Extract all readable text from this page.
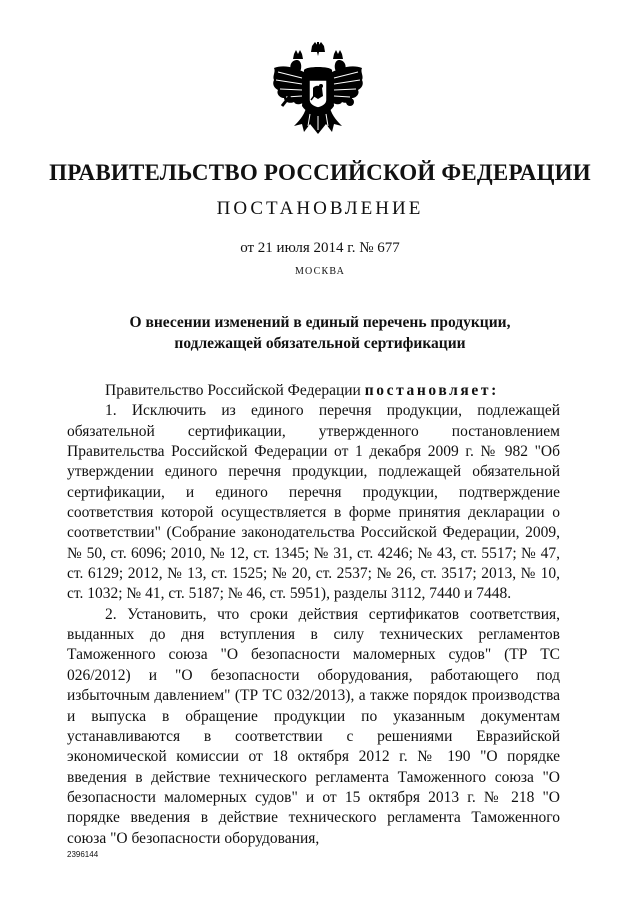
ПРАВИТЕЛЬСТВО РОССИЙСКОЙ ФЕДЕРАЦИИ
ПОСТАНОВЛЕНИЕ
от 21 июля 2014 г. № 677
МОСКВА
О внесении изменений в единый перечень продукции,
подлежащей обязательной сертификации

Правительство Российской Федерации постановляет:

1. Исключить из единого перечня продукции, подлежащей обязательной сертификации, утвержденного постановлением Правительства Российской Федерации от 1 декабря 2009 г. № 982 "Об утверждении единого перечня продукции, подлежащей обязательной сертификации, и единого перечня продукции, подтверждение соответствия которой осуществляется в форме принятия декларации о соответствии" (Собрание законодательства Российской Федерации, 2009, № 50, ст. 6096; 2010, № 12, ст. 1345; № 31, ст. 4246; № 43, ст. 5517; № 47, ст. 6129; 2012, № 13, ст. 1525; № 20, ст. 2537; № 26, ст. 3517; 2013, № 10, ст. 1032; № 41, ст. 5187; № 46, ст. 5951), разделы 3112, 7440 и 7448.

2. Установить, что сроки действия сертификатов соответствия, выданных до дня вступления в силу технических регламентов Таможенного союза "О безопасности маломерных судов" (ТР ТС 026/2012) и "О безопасности оборудования, работающего под избыточным давлением" (ТР ТС 032/2013), а также порядок производства и выпуска в обращение продукции по указанным документам устанавливаются в соответствии с решениями Евразийской экономической комиссии от 18 октября 2012 г. № 190 "О порядке введения в действие технического регламента Таможенного союза "О безопасности маломерных судов" и от 15 октября 2013 г. № 218 "О порядке введения в действие технического регламента Таможенного союза "О безопасности оборудования,

2396144
